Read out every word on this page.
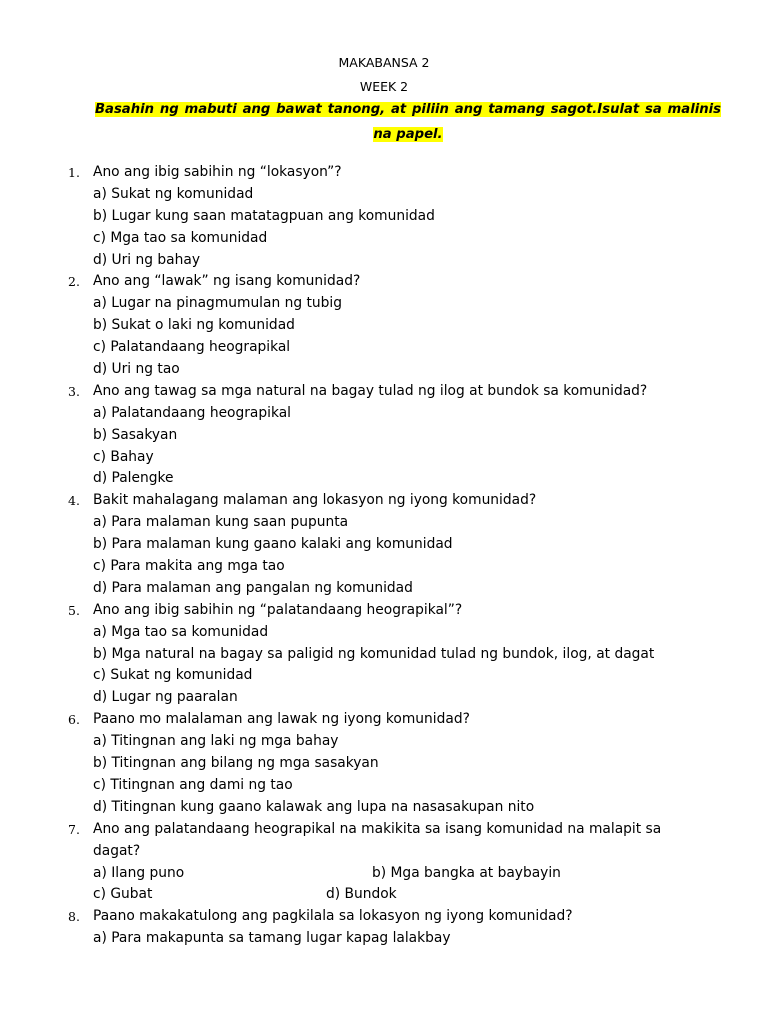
MAKABANSA 2
WEEK 2
Basahin ng mabuti ang bawat tanong, at piliin ang tamang sagot.Isulat sa malinis na papel.
1. Ano ang ibig sabihin ng “lokasyon”?
a) Sukat ng komunidad
b) Lugar kung saan matatagpuan ang komunidad
c) Mga tao sa komunidad
d) Uri ng bahay
2. Ano ang “lawak” ng isang komunidad?
a) Lugar na pinagmumulan ng tubig
b) Sukat o laki ng komunidad
c) Palatandaang heograpikal
d) Uri ng tao
3. Ano ang tawag sa mga natural na bagay tulad ng ilog at bundok sa komunidad?
a) Palatandaang heograpikal
b) Sasakyan
c) Bahay
d) Palengke
4. Bakit mahalagang malaman ang lokasyon ng iyong komunidad?
a) Para malaman kung saan pupunta
b) Para malaman kung gaano kalaki ang komunidad
c) Para makita ang mga tao
d) Para malaman ang pangalan ng komunidad
5. Ano ang ibig sabihin ng “palatandaang heograpikal”?
a) Mga tao sa komunidad
b) Mga natural na bagay sa paligid ng komunidad tulad ng bundok, ilog, at dagat
c) Sukat ng komunidad
d) Lugar ng paaralan
6. Paano mo malalaman ang lawak ng iyong komunidad?
a) Titingnan ang laki ng mga bahay
b) Titingnan ang bilang ng mga sasakyan
c) Titingnan ang dami ng tao
d) Titingnan kung gaano kalawak ang lupa na nasasakupan nito
7. Ano ang palatandaang heograpikal na makikita sa isang komunidad na malapit sa
dagat?
a) Ilang puno	b) Mga bangka at baybayin
c) Gubat	d) Bundok
8. Paano makakatulong ang pagkilala sa lokasyon ng iyong komunidad?
a) Para makapunta sa tamang lugar kapag lalakbay
